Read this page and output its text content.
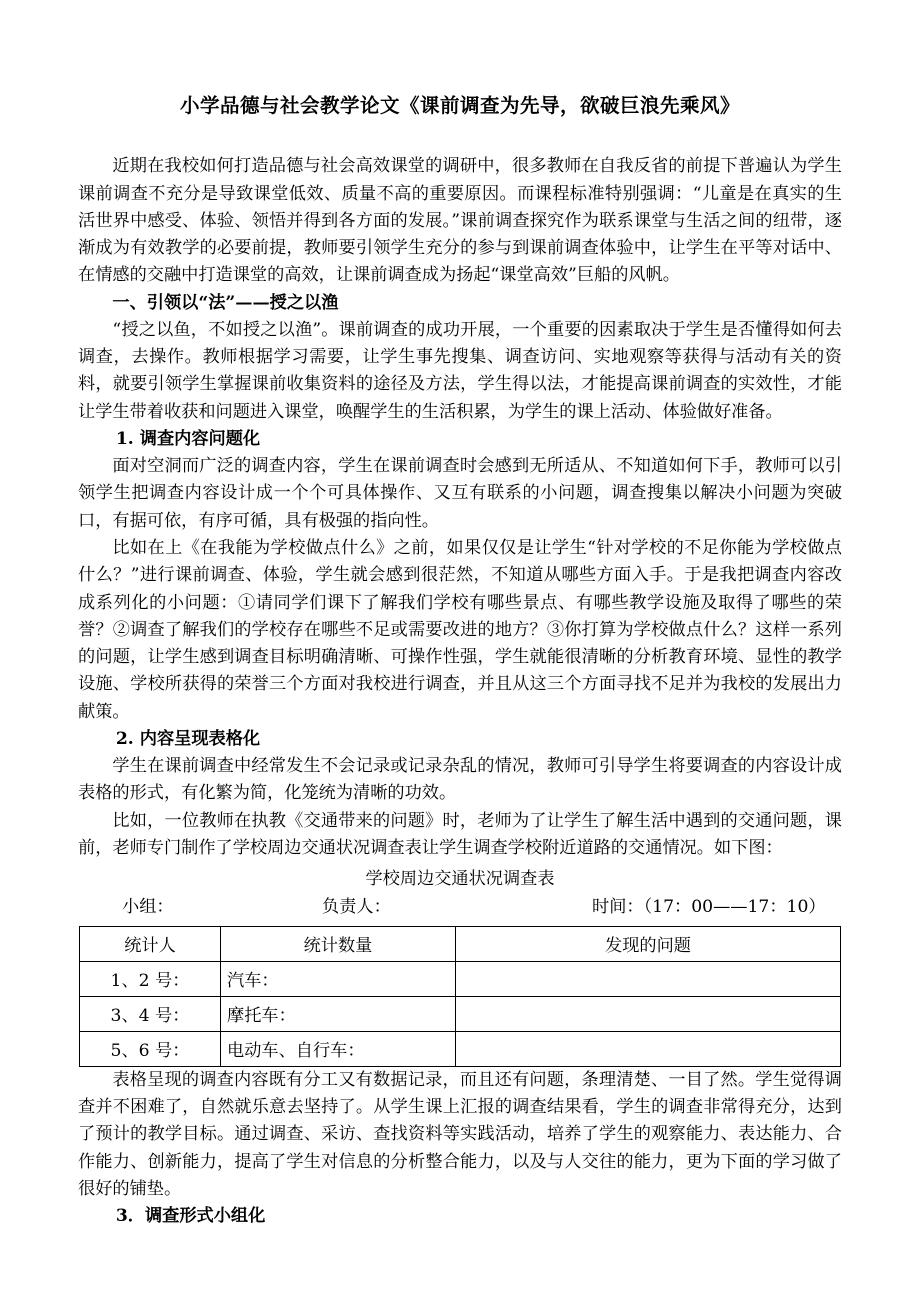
小学品德与社会教学论文《课前调查为先导，欲破巨浪先乘风》

近期在我校如何打造品德与社会高效课堂的调研中，很多教师在自我反省的前提下普遍认为学生课前调查不充分是导致课堂低效、质量不高的重要原因。而课程标准特别强调：“儿童是在真实的生活世界中感受、体验、领悟并得到各方面的发展。”课前调查探究作为联系课堂与生活之间的纽带，逐渐成为有效教学的必要前提，教师要引领学生充分的参与到课前调查体验中，让学生在平等对话中、在情感的交融中打造课堂的高效，让课前调查成为扬起“课堂高效”巨船的风帆。

一、引领以“法”——授之以渔

“授之以鱼，不如授之以渔”。课前调查的成功开展，一个重要的因素取决于学生是否懂得如何去调查，去操作。教师根据学习需要，让学生事先搜集、调查访问、实地观察等获得与活动有关的资料，就要引领学生掌握课前收集资料的途径及方法，学生得以法，才能提高课前调查的实效性，才能让学生带着收获和问题进入课堂，唤醒学生的生活积累，为学生的课上活动、体验做好准备。

1. 调查内容问题化

面对空洞而广泛的调查内容，学生在课前调查时会感到无所适从、不知道如何下手，教师可以引领学生把调查内容设计成一个个可具体操作、又互有联系的小问题，调查搜集以解决小问题为突破口，有据可依，有序可循，具有极强的指向性。

比如在上《在我能为学校做点什么》之前，如果仅仅是让学生“针对学校的不足你能为学校做点什么？”进行课前调查、体验，学生就会感到很茫然，不知道从哪些方面入手。于是我把调查内容改成系列化的小问题：①请同学们课下了解我们学校有哪些景点、有哪些教学设施及取得了哪些的荣誉？②调查了解我们的学校存在哪些不足或需要改进的地方？③你打算为学校做点什么？这样一系列的问题，让学生感到调查目标明确清晰、可操作性强，学生就能很清晰的分析教育环境、显性的教学设施、学校所获得的荣誉三个方面对我校进行调查，并且从这三个方面寻找不足并为我校的发展出力献策。

2. 内容呈现表格化

学生在课前调查中经常发生不会记录或记录杂乱的情况，教师可引导学生将要调查的内容设计成表格的形式，有化繁为简，化笼统为清晰的功效。

比如，一位教师在执教《交通带来的问题》时，老师为了让学生了解生活中遇到的交通问题，课前，老师专门制作了学校周边交通状况调查表让学生调查学校附近道路的交通情况。如下图：

学校周边交通状况调查表

小组：	负责人：	时间：（17：00——17：10）
统计人	统计数量	发现的问题
1、2 号：	汽车：	
3、4 号：	摩托车：	
5、6 号：	电动车、自行车：	

表格呈现的调查内容既有分工又有数据记录，而且还有问题，条理清楚、一目了然。学生觉得调查并不困难了，自然就乐意去坚持了。从学生课上汇报的调查结果看，学生的调查非常得充分，达到了预计的教学目标。通过调查、采访、查找资料等实践活动，培养了学生的观察能力、表达能力、合作能力、创新能力，提高了学生对信息的分析整合能力，以及与人交往的能力，更为下面的学习做了很好的铺垫。

3．调查形式小组化
